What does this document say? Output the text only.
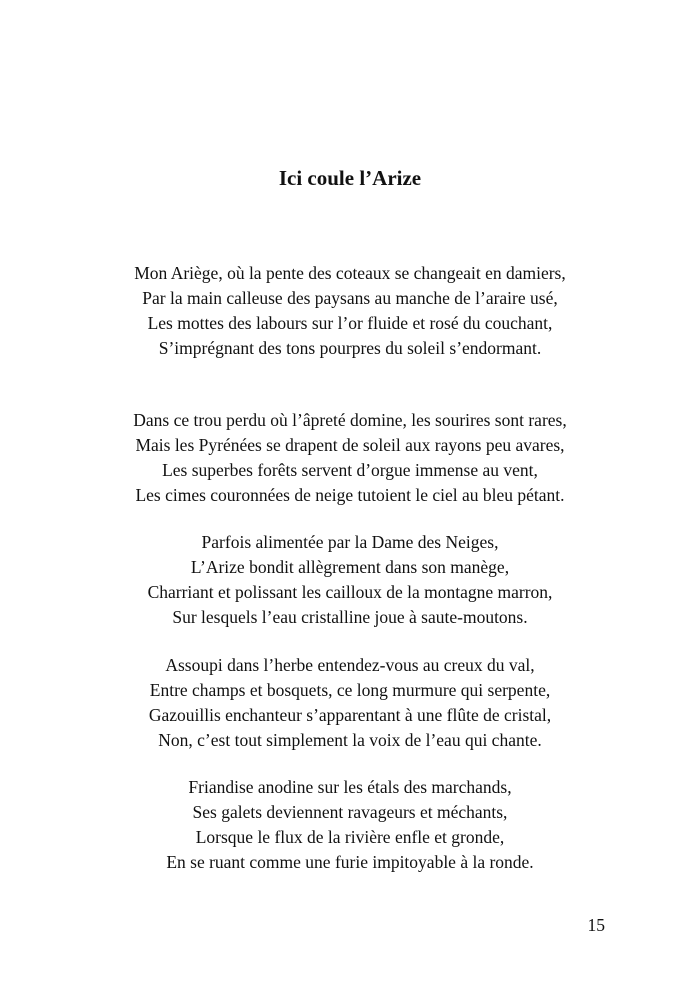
Ici coule l’Arize
Mon Ariège, où la pente des coteaux se changeait en damiers,
Par la main calleuse des paysans au manche de l’araire usé,
Les mottes des labours sur l’or fluide et rosé du couchant,
S’imprégnant des tons pourpres du soleil s’endormant.
Dans ce trou perdu où l’âpreté domine, les sourires sont rares,
Mais les Pyrénées se drapent de soleil aux rayons peu avares,
Les superbes forêts servent d’orgue immense au vent,
Les cimes couronnées de neige tutoient le ciel au bleu pétant.
Parfois alimentée par la Dame des Neiges,
L’Arize bondit allègrement dans son manège,
Charriant et polissant les cailloux de la montagne marron,
Sur lesquels l’eau cristalline joue à saute-moutons.
Assoupi dans l’herbe entendez-vous au creux du val,
Entre champs et bosquets, ce long murmure qui serpente,
Gazouillis enchanteur s’apparentant à une flûte de cristal,
Non, c’est tout simplement la voix de l’eau qui chante.
Friandise anodine sur les étals des marchands,
Ses galets deviennent ravageurs et méchants,
Lorsque le flux de la rivière enfle et gronde,
En se ruant comme une furie impitoyable à la ronde.
15
